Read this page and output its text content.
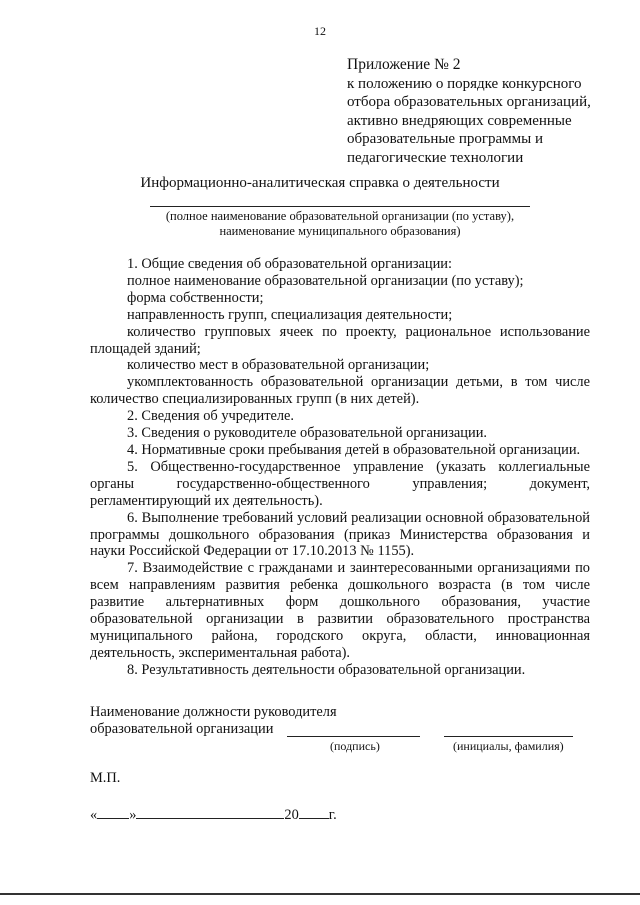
12
Приложение № 2
к положению о порядке конкурсного
отбора образовательных организаций,
активно внедряющих современные
образовательные программы и
педагогические технологии
Информационно-аналитическая справка о деятельности
(полное наименование образовательной организации (по уставу),
наименование муниципального образования)

1. Общие сведения об образовательной организации:

полное наименование образовательной организации (по уставу);

форма собственности;

направленность групп, специализация деятельности;

количество групповых ячеек по проекту, рациональное использование площадей зданий;

количество мест в образовательной организации;

укомплектованность образовательной организации детьми, в том числе количество специализированных групп (в них детей).

2. Сведения об учредителе.

3. Сведения о руководителе образовательной организации.

4. Нормативные сроки пребывания детей в образовательной организации.

5. Общественно-государственное управление (указать коллегиальные органы государственно-общественного управления; документ, регламентирующий их деятельность).

6. Выполнение требований условий реализации основной образовательной программы дошкольного образования (приказ Министерства образования и науки Российской Федерации от 17.10.2013 № 1155).

7. Взаимодействие с гражданами и заинтересованными организациями по всем направлениям развития ребенка дошкольного возраста (в том числе развитие альтернативных форм дошкольного образования, участие образовательной организации в развитии образовательного пространства муниципального района, городского округа, области, инновационная деятельность, экспериментальная работа).

8. Результативность деятельности образовательной организации.

Наименование должности руководителя
образовательной организации
(подпись)	(инициалы, фамилия)
М.П.
« »	20 г.
